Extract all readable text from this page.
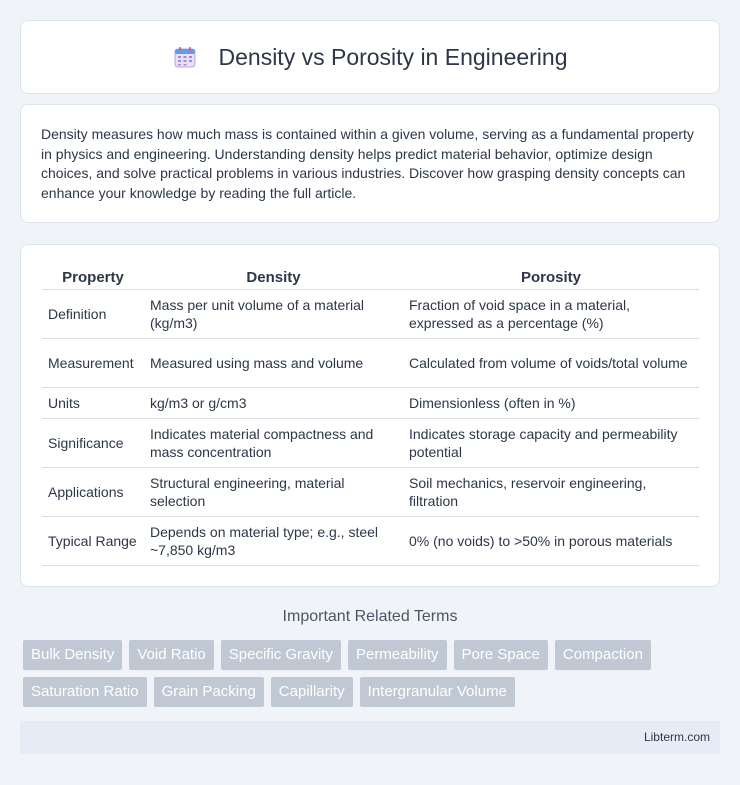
Density vs Porosity in Engineering

Density measures how much mass is contained within a given volume, serving as a fundamental property in physics and engineering. Understanding density helps predict material behavior, optimize design choices, and solve practical problems in various industries. Discover how grasping density concepts can enhance your knowledge by reading the full article.

Property	Density	Porosity
Definition	Mass per unit volume of a material (kg/m3)	Fraction of void space in a material, expressed as a percentage (%)
Measurement	Measured using mass and volume	Calculated from volume of voids/total volume
Units	kg/m3 or g/cm3	Dimensionless (often in %)
Significance	Indicates material compactness and mass concentration	Indicates storage capacity and permeability potential
Applications	Structural engineering, material selection	Soil mechanics, reservoir engineering, filtration
Typical Range	Depends on material type; e.g., steel ~7,850 kg/m3	0% (no voids) to >50% in porous materials
Important Related Terms
Bulk Density	Void Ratio	Specific Gravity	Permeability	Pore Space	Compaction
Saturation Ratio	Grain Packing	Capillarity	Intergranular Volume
Libterm.com
